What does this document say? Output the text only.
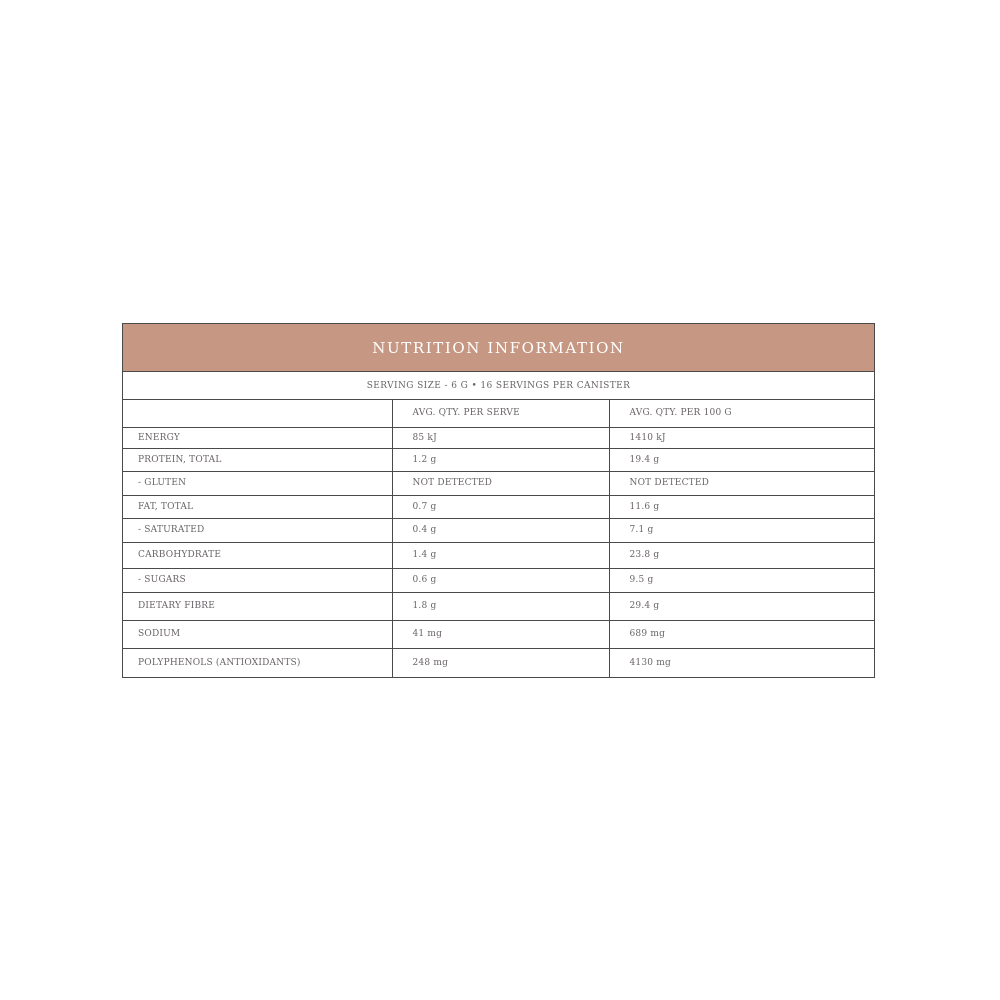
NUTRITION INFORMATION
SERVING SIZE - 6 G • 16 SERVINGS PER CANISTER
	AVG. QTY. PER SERVE	AVG. QTY. PER 100 G
ENERGY	85 kJ	1410 kJ
PROTEIN, TOTAL	1.2 g	19.4 g
- GLUTEN	NOT DETECTED	NOT DETECTED
FAT, TOTAL	0.7 g	11.6 g
- SATURATED	0.4 g	7.1 g
CARBOHYDRATE	1.4 g	23.8 g
- SUGARS	0.6 g	9.5 g
DIETARY FIBRE	1.8 g	29.4 g
SODIUM	41 mg	689 mg
POLYPHENOLS (ANTIOXIDANTS)	248 mg	4130 mg
